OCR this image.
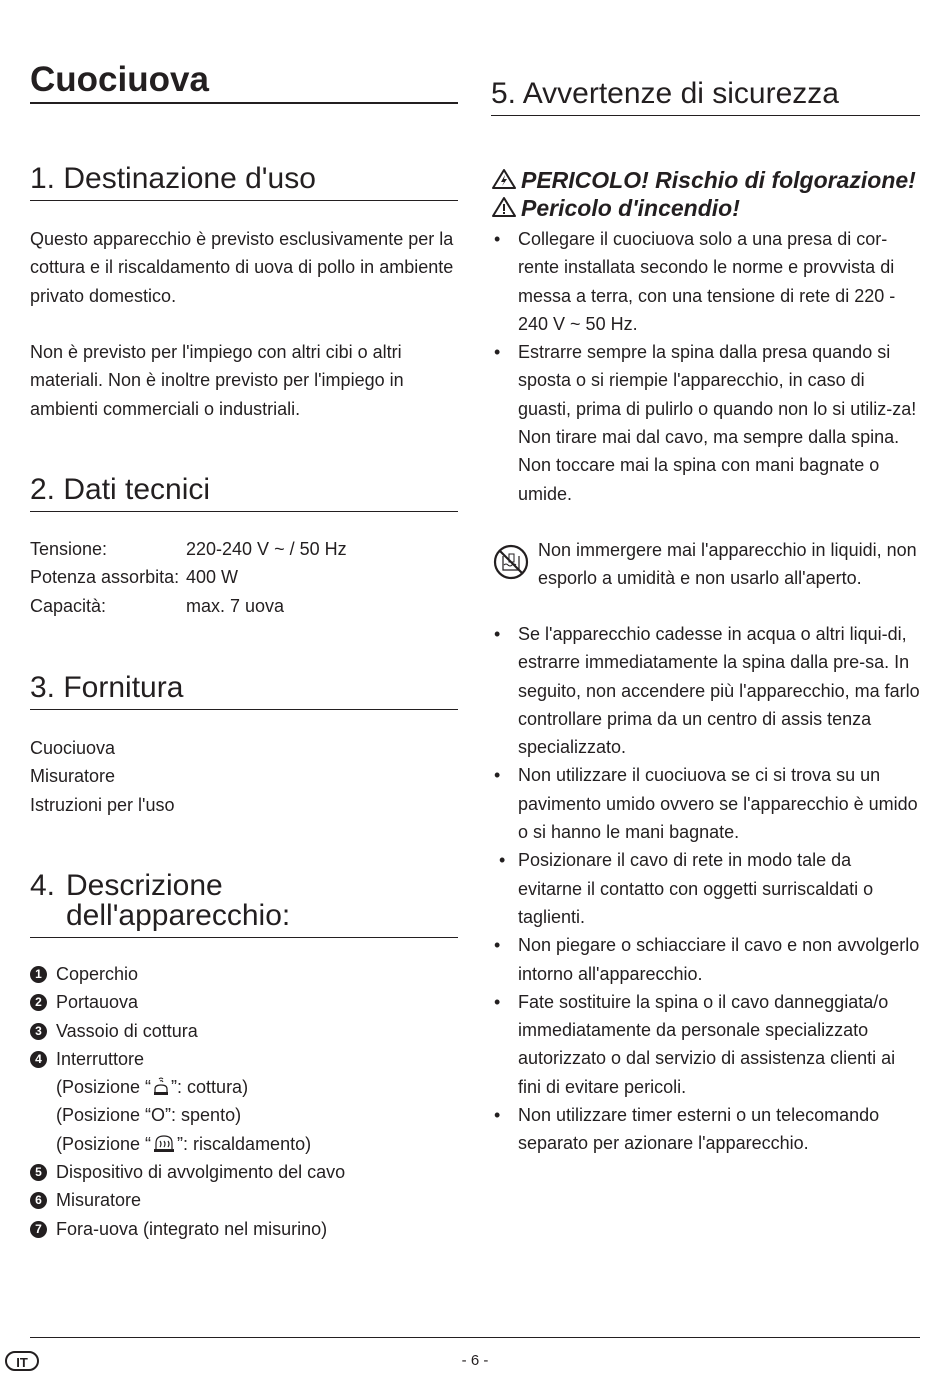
Cuociuova
1. Destinazione d'uso

Questo apparecchio è previsto esclusivamente per la cottura e il riscaldamento di uova di pollo in ambiente privato domestico.

Non è previsto per l'impiego con altri cibi o altri materiali. Non è inoltre previsto per l'impiego in ambienti commerciali o industriali.

2. Dati tecnici
Tensione:	220-240 V ~ / 50 Hz
Potenza assorbita:	400 W
Capacità:	max. 7 uova
3. Fornitura
Cuociuova
Misuratore
Istruzioni per l'uso
4. Descrizione
dell'apparecchio:
1 Coperchio
2 Portauova
3 Vassoio di cottura
4 Interruttore
(Posizione “ ”: cottura)
(Posizione “O”: spento)
(Posizione “ ”: riscaldamento)
5 Dispositivo di avvolgimento del cavo
6 Misuratore
7 Fora-uova (integrato nel misurino)
5. Avvertenze di sicurezza
PERICOLO! Rischio di folgorazione!
Pericolo d'incendio!
• Collegare il cuociuova solo a una presa di cor-rente installata secondo le norme e provvista di messa a terra, con una tensione di rete di 220 - 240 V ~ 50 Hz.
• Estrarre sempre la spina dalla presa quando si sposta o si riempie l'apparecchio, in caso di guasti, prima di pulirlo o quando non lo si utiliz-za! Non tirare mai dal cavo, ma sempre dalla spina. Non toccare mai la spina con mani bagnate o umide.

Non immergere mai l'apparecchio in liquidi, non esporlo a umidità e non usarlo all'aperto.

• Se l'apparecchio cadesse in acqua o altri liqui-di, estrarre immediatamente la spina dalla pre-sa. In seguito, non accendere più l'apparecchio, ma farlo controllare prima da un centro di assis tenza specializzato.
• Non utilizzare il cuociuova se ci si trova su un pavimento umido ovvero se l'apparecchio è umido o si hanno le mani bagnate.
• Posizionare il cavo di rete in modo tale da evitarne il contatto con oggetti surriscaldati o taglienti.
• Non piegare o schiacciare il cavo e non avvolgerlo intorno all'apparecchio.
• Fate sostituire la spina o il cavo danneggiata/o immediatamente da personale specializzato autorizzato o dal servizio di assistenza clienti ai fini di evitare pericoli.
• Non utilizzare timer esterni o un telecomando separato per azionare l'apparecchio.
IT	- 6 -
